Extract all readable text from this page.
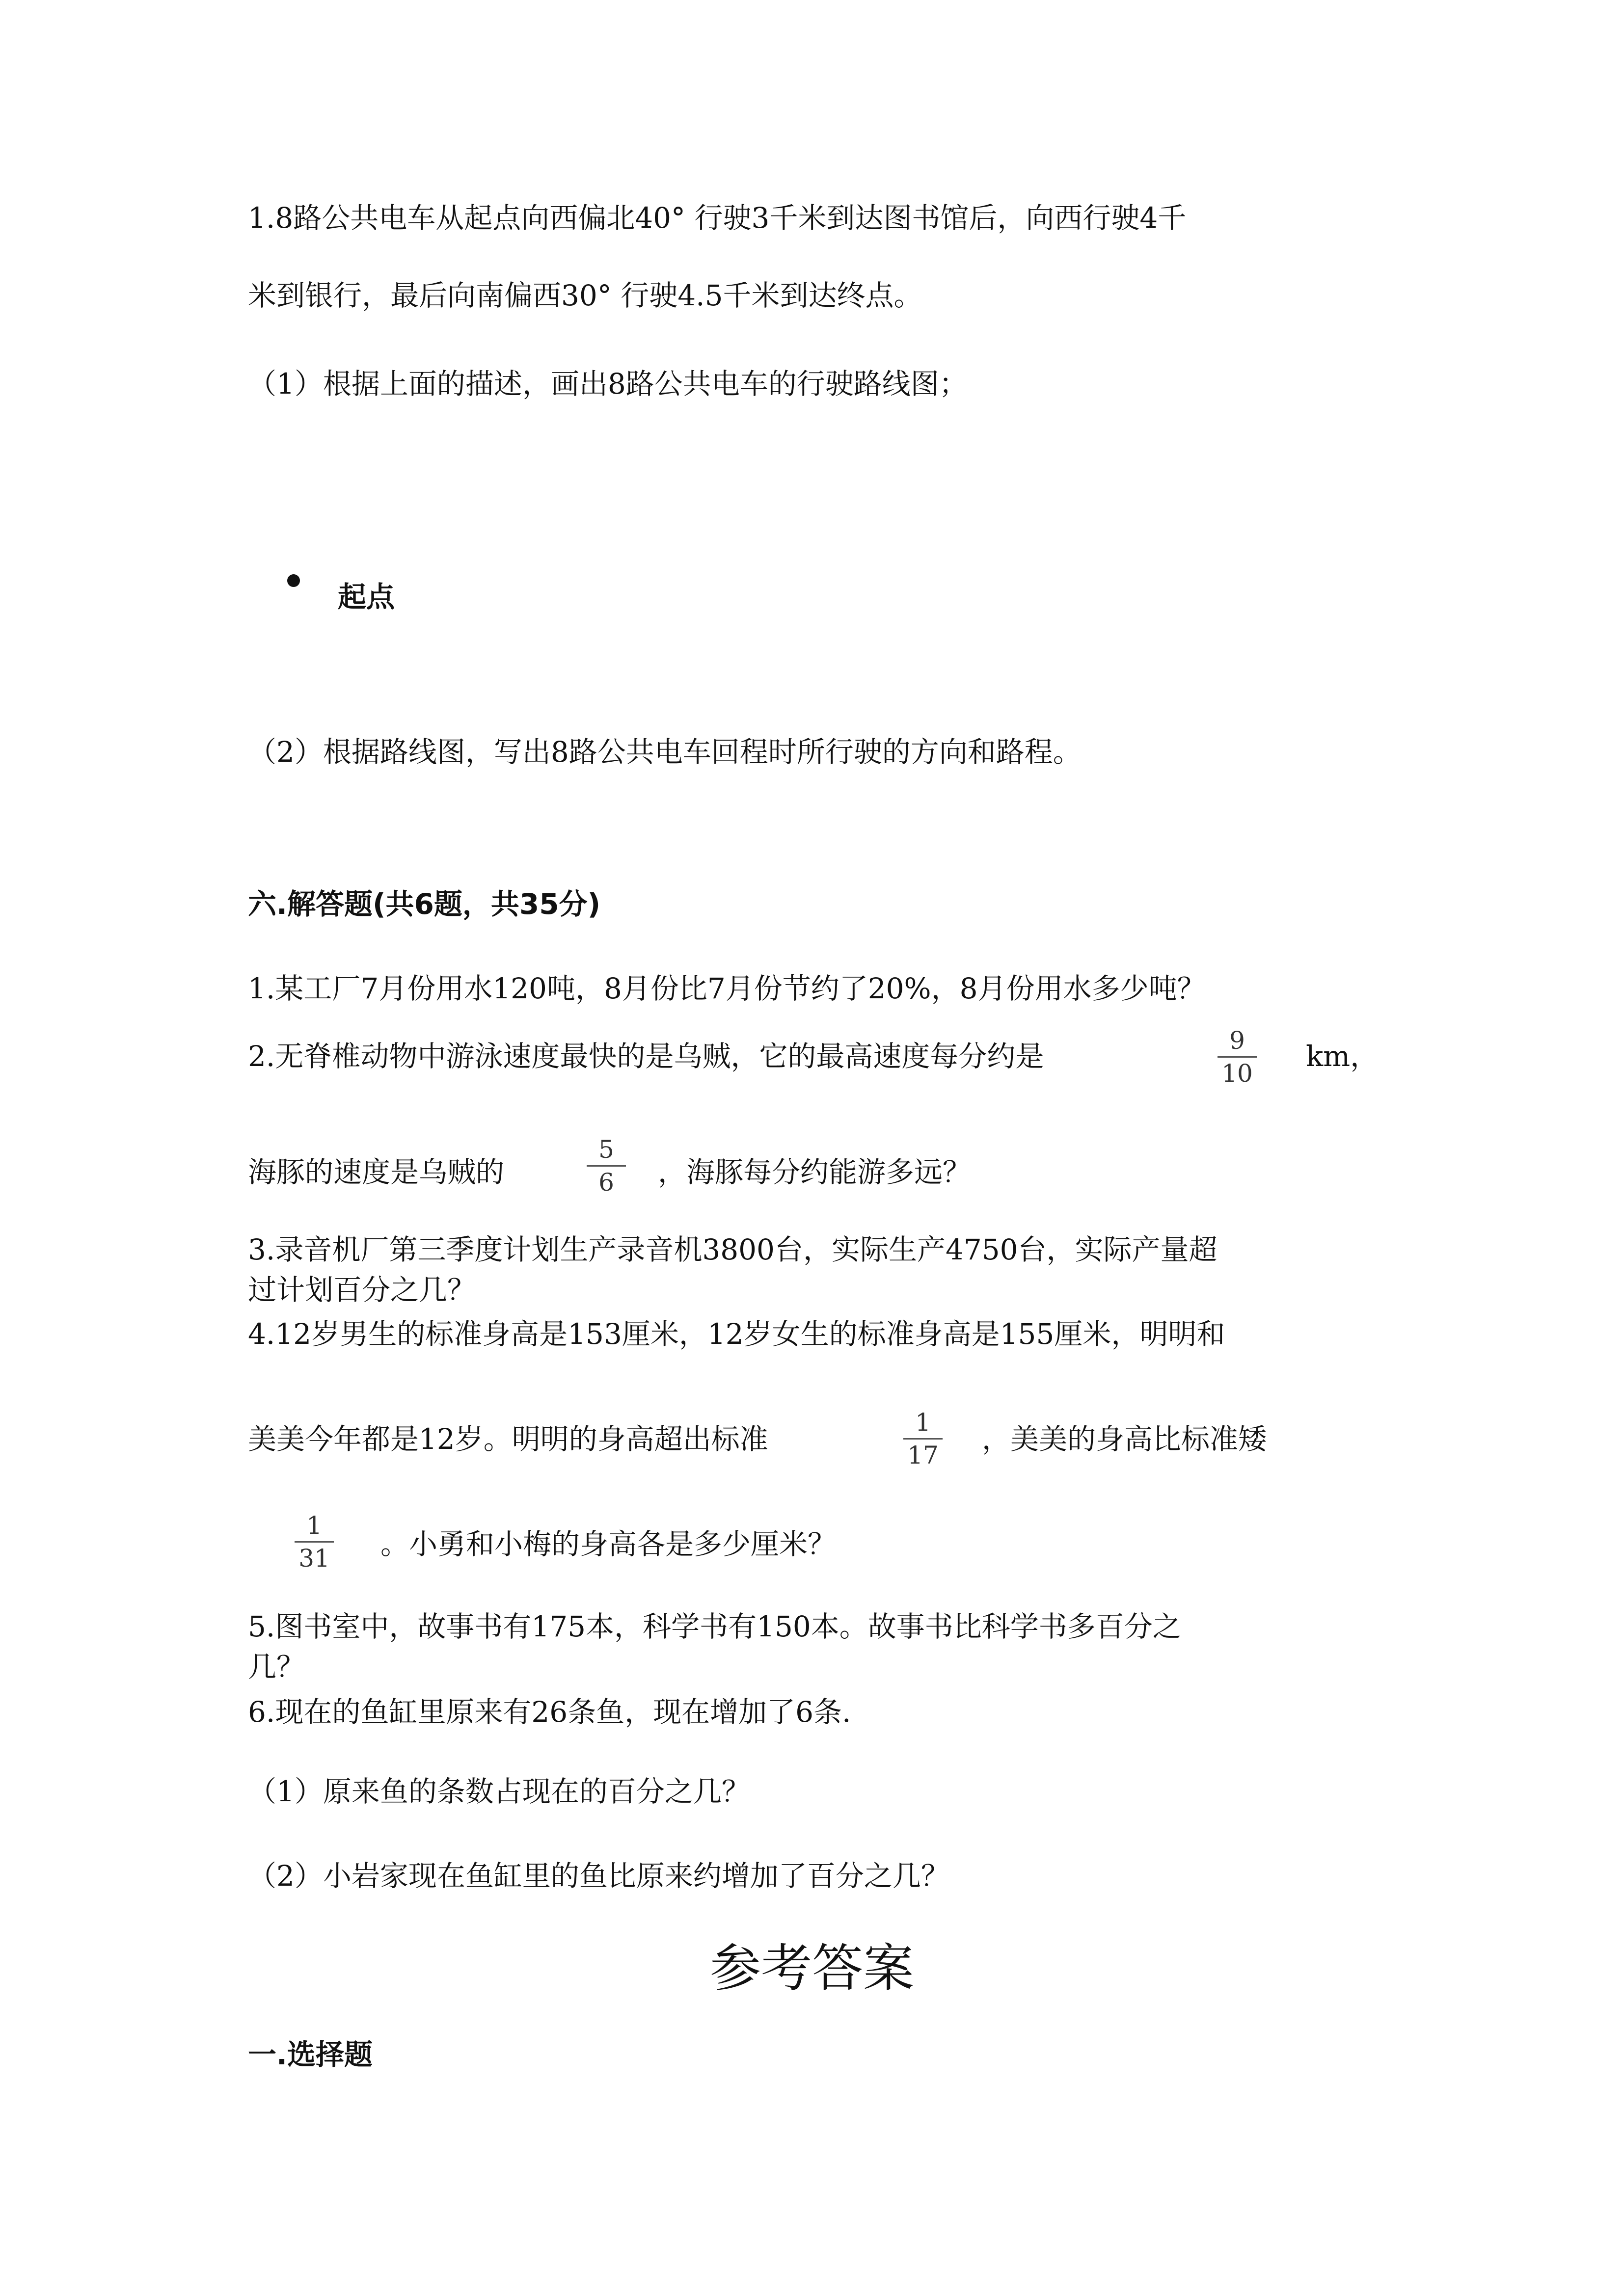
1.8路公共电车从起点向西偏北40° 行驶3千米到达图书馆后，向西行驶4千
米到银行，最后向南偏西30° 行驶4.5千米到达终点。
（1）根据上面的描述，画出8路公共电车的行驶路线图；
起点
（2）根据路线图，写出8路公共电车回程时所行驶的方向和路程。
六.解答题(共6题，共35分)
1.某工厂7月份用水120吨，8月份比7月份节约了20%，8月份用水多少吨？
2.无脊椎动物中游泳速度最快的是乌贼，它的最高速度每分约是	9
10
km，
海豚的速度是乌贼的
5
6	，海豚每分约能游多远？
3.录音机厂第三季度计划生产录音机3800台，实际生产4750台，实际产量超
过计划百分之几？
4.12岁男生的标准身高是153厘米，12岁女生的标准身高是155厘米，明明和
美美今年都是12岁。明明的身高超出标准	1
17	，美美的身高比标准矮
1
31	。小勇和小梅的身高各是多少厘米？
5.图书室中，故事书有175本，科学书有150本。故事书比科学书多百分之
几？
6.现在的鱼缸里原来有26条鱼，现在增加了6条.
（1）原来鱼的条数占现在的百分之几？
（2）小岩家现在鱼缸里的鱼比原来约增加了百分之几？
参考答案
一.选择题
